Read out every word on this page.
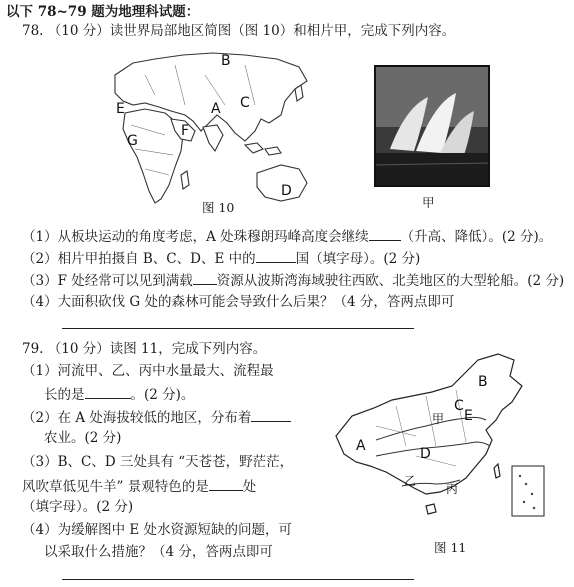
以下 78~79 题为地理科试题：
78. （10 分）读世界局部地区简图（图 10）和相片甲，完成下列内容。
B
A C
E
F
G
D
图 10	甲
（1）从板块运动的角度考虑，A 处珠穆朗玛峰高度会继续 （升高、降低）。(2 分)。
（2）相片甲拍摄自 B、C、D、E 中的	国（填字母）。(2 分)
（3）F 处经常可以见到满载 资源从波斯湾海域驶往西欧、北美地区的大型轮船。(2 分)
（4）大面积砍伐 G 处的森林可能会导致什么后果？（4 分，答两点即可
79. （10 分）读图 11，完成下列内容。
（1）河流甲、乙、丙中水量最大、流程最
长的是	。(2 分)。
（2）在 A 处海拔较低的地区，分布着
农业。(2 分)
（3）B、C、D 三处具有 “天苍苍，野茫茫，
风吹草低见牛羊” 景观特色的是	处
（填字母）。(2 分)
（4）为缓解图中 E 处水资源短缺的问题，可
以采取什么措施？（4 分，答两点即可
B
C
E
A	D
甲
乙
丙
图 11
